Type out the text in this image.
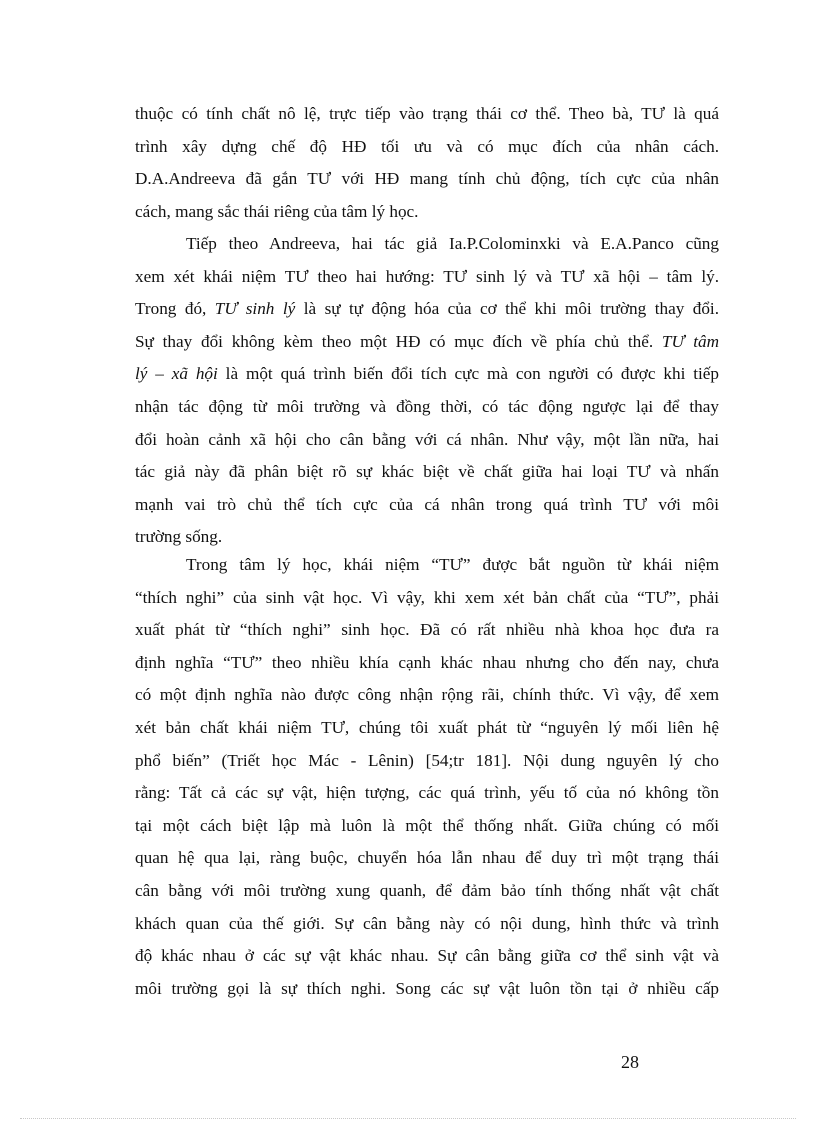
thuộc có tính chất nô lệ, trực tiếp vào trạng thái cơ thể. Theo bà, TƯ là quá
trình xây dựng chế độ HĐ tối ưu và có mục đích của nhân cách.
D.A.Andreeva đã gắn TƯ với HĐ mang tính chủ động, tích cực của nhân
cách, mang sắc thái riêng của tâm lý học.

Tiếp theo Andreeva, hai tác giả Ia.P.Colominxki và E.A.Panco cũng
xem xét khái niệm TƯ theo hai hướng: TƯ sinh lý và TƯ xã hội – tâm lý.
Trong đó, TƯ sinh lý là sự tự động hóa của cơ thể khi môi trường thay đổi.
Sự thay đổi không kèm theo một HĐ có mục đích về phía chủ thể. TƯ tâm
lý – xã hội là một quá trình biến đổi tích cực mà con người có được khi tiếp
nhận tác động từ môi trường và đồng thời, có tác động ngược lại để thay
đổi hoàn cảnh xã hội cho cân bằng với cá nhân. Như vậy, một lần nữa, hai
tác giả này đã phân biệt rõ sự khác biệt về chất giữa hai loại TƯ và nhấn
mạnh vai trò chủ thể tích cực của cá nhân trong quá trình TƯ với môi
trường sống.

Trong tâm lý học, khái niệm “TƯ” được bắt nguồn từ khái niệm
“thích nghi” của sinh vật học. Vì vậy, khi xem xét bản chất của “TƯ”, phải
xuất phát từ “thích nghi” sinh học. Đã có rất nhiều nhà khoa học đưa ra
định nghĩa “TƯ” theo nhiều khía cạnh khác nhau nhưng cho đến nay, chưa
có một định nghĩa nào được công nhận rộng rãi, chính thức. Vì vậy, để xem
xét bản chất khái niệm TƯ, chúng tôi xuất phát từ “nguyên lý mối liên hệ
phổ biến” (Triết học Mác - Lênin) [54;tr 181]. Nội dung nguyên lý cho
rằng: Tất cả các sự vật, hiện tượng, các quá trình, yếu tố của nó không tồn
tại một cách biệt lập mà luôn là một thể thống nhất. Giữa chúng có mối
quan hệ qua lại, ràng buộc, chuyển hóa lẫn nhau để duy trì một trạng thái
cân bằng với môi trường xung quanh, để đảm bảo tính thống nhất vật chất
khách quan của thế giới. Sự cân bằng này có nội dung, hình thức và trình
độ khác nhau ở các sự vật khác nhau. Sự cân bằng giữa cơ thể sinh vật và
môi trường gọi là sự thích nghi. Song các sự vật luôn tồn tại ở nhiều cấp

28
